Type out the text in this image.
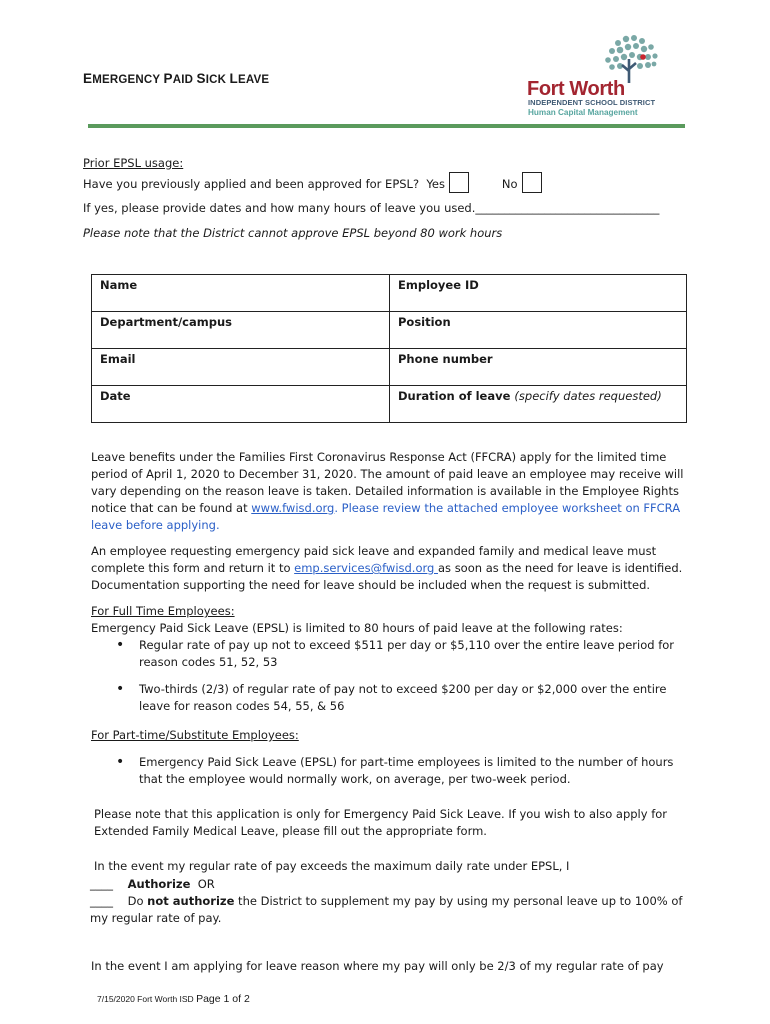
EMERGENCY PAID SICK LEAVE	Fort Worth
INDEPENDENT SCHOOL DISTRICT
Human Capital Management
Prior EPSL usage:
Have you previously applied and been approved for EPSL? Yes	No
If yes, please provide dates and how many hours of leave you used.________________________________
Please note that the District cannot approve EPSL beyond 80 work hours
Name	Employee ID
Department/campus	Position
Email	Phone number
Date	Duration of leave (specify dates requested)
Leave benefits under the Families First Coronavirus Response Act (FFCRA) apply for the limited time period of April 1, 2020 to December 31, 2020. The amount of paid leave an employee may receive will vary depending on the reason leave is taken. Detailed information is available in the Employee Rights notice that can be found at www.fwisd.org. Please review the attached employee worksheet on FFCRA leave before applying.
An employee requesting emergency paid sick leave and expanded family and medical leave must complete this form and return it to emp.services@fwisd.org as soon as the need for leave is identified. Documentation supporting the need for leave should be included when the request is submitted.
For Full Time Employees:
Emergency Paid Sick Leave (EPSL) is limited to 80 hours of paid leave at the following rates:
• Regular rate of pay up not to exceed $511 per day or $5,110 over the entire leave period for reason codes 51, 52, 53
• Two-thirds (2/3) of regular rate of pay not to exceed $200 per day or $2,000 over the entire leave for reason codes 54, 55, & 56
For Part-time/Substitute Employees:
• Emergency Paid Sick Leave (EPSL) for part-time employees is limited to the number of hours that the employee would normally work, on average, per two-week period.
Please note that this application is only for Emergency Paid Sick Leave. If you wish to also apply for Extended Family Medical Leave, please fill out the appropriate form.
In the event my regular rate of pay exceeds the maximum daily rate under EPSL, I
____ Authorize OR
____ Do not authorize the District to supplement my pay by using my personal leave up to 100% of my regular rate of pay.
In the event I am applying for leave reason where my pay will only be 2/3 of my regular rate of pay
7/15/2020 Fort Worth ISD Page 1 of 2
